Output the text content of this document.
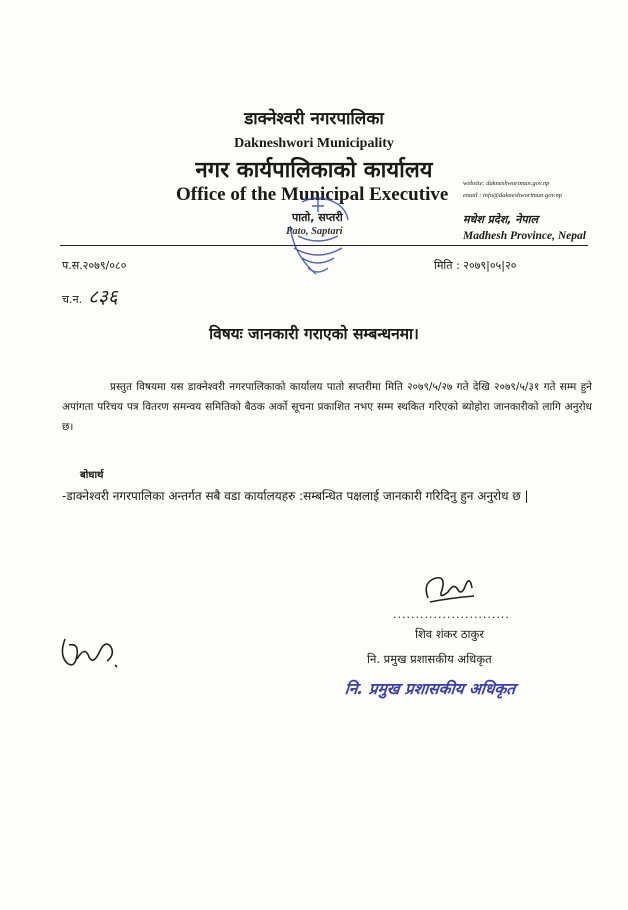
डाक्नेश्वरी नगरपालिका
Dakneshwori Municipality
नगर कार्यपालिकाको कार्यालय
Office of the Municipal Executive
website: dakneshworimun.gov.np
email : info@dakneshworimun.gov.np
मधेश प्रदेश, नेपाल
Madhesh Province, Nepal
पातो, सप्तरी
Pato, Saptari
प.स.२०७९/०८०	मिति : २०७९|०५|२०
च.न. ८३६
विषयः जानकारी गराएको सम्बन्धनमा।
प्रस्तुत विषयमा यस डाक्नेश्वरी नगरपालिकाको कार्यालय पातो सप्तरीमा मिति २०७९/५/२७ गते देखि २०७९/५/३१ गते सम्म हुने अपांगता परिचय पत्र वितरण समन्वय समितिको बैठक अर्को सूचना प्रकाशित नभए सम्म स्थकित गरिएको ब्योहोरा जानकारीको लागि अनुरोध छ।
बोधार्थ
-डाक्नेश्वरी नगरपालिका अन्तर्गत सबै वडा कार्यालयहरु :सम्बन्धित पक्षलाई जानकारी गरिदिनु हुन अनुरोध छ |
..........................
शिव शंकर ठाकुर
नि. प्रमुख प्रशासकीय अधिकृत
नि. प्रमुख प्रशासकीय अधिकृत
